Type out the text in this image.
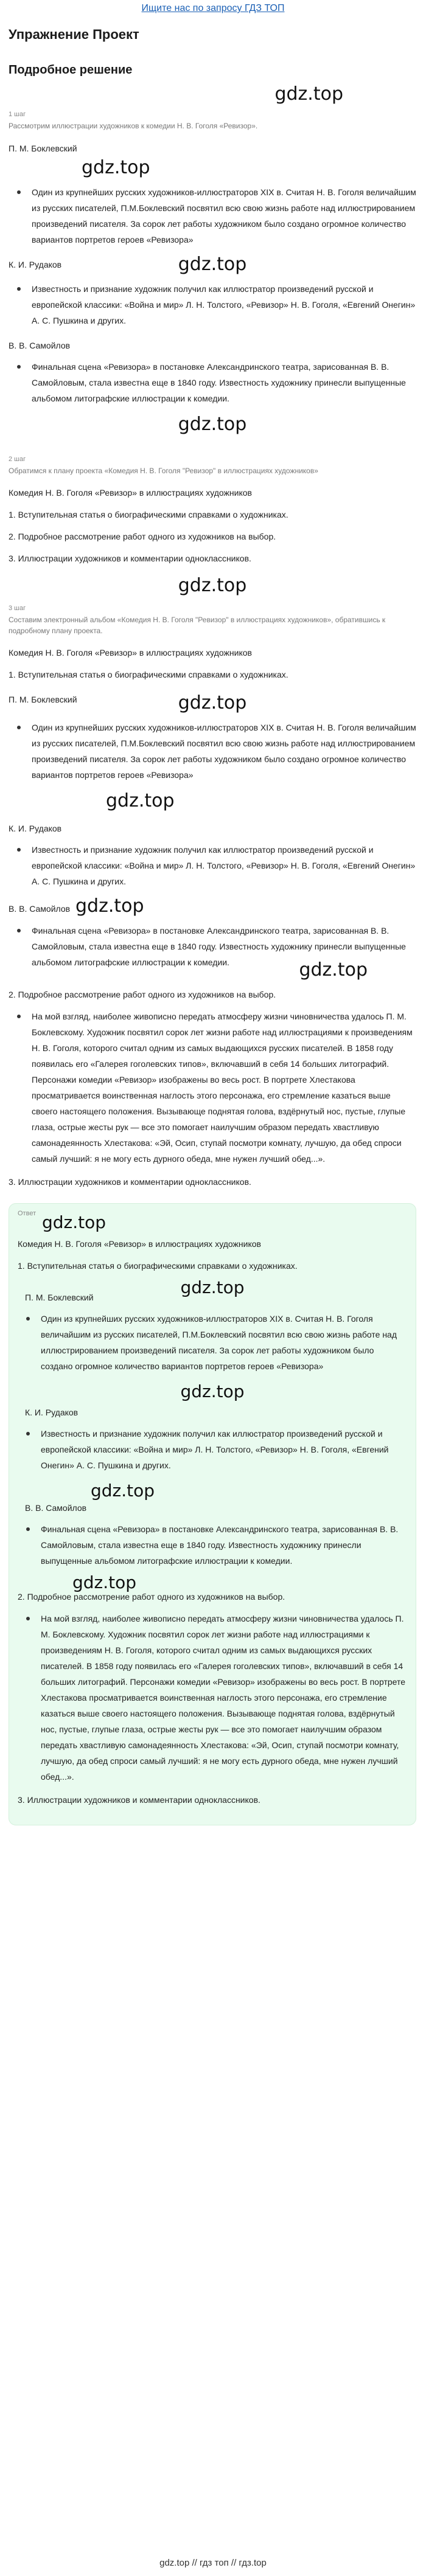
Ищите нас по запросу ГДЗ ТОП
Упражнение Проект
Подробное решение
gdz.top
1 шаг
Рассмотрим иллюстрации художников к комедии Н. В. Гоголя «Ревизор».
П. М. Боклевский
gdz.top
Один из крупнейших русских художников-иллюстраторов XIX в. Считая Н. В. Гоголя величайшим из русских писателей, П.М.Боклевский посвятил всю свою жизнь работе над иллюстрированием произведений писателя. За сорок лет работы художником было создано огромное количество вариантов портретов героев «Ревизора»
К. И. Рудаков	gdz.top
Известность и признание художник получил как иллюстратор произведений русской и европейской классики: «Война и мир» Л. Н. Толстого, «Ревизор» Н. В. Гоголя, «Евгений Онегин» А. С. Пушкина и других.
В. В. Самойлов
Финальная сцена «Ревизора» в постановке Александринского театра, зарисованная В. В. Самойловым, стала известна еще в 1840 году. Известность художнику принесли выпущенные альбомом литографские иллюстрации к комедии.
gdz.top
2 шаг
Обратимся к плану проекта «Комедия Н. В. Гоголя "Ревизор" в иллюстрациях художников»
Комедия Н. В. Гоголя «Ревизор» в иллюстрациях художников
1. Вступительная статья о биографическими справками о художниках.
2. Подробное рассмотрение работ одного из художников на выбор.
3. Иллюстрации художников и комментарии одноклассников.
gdz.top
3 шаг
Составим электронный альбом «Комедия Н. В. Гоголя "Ревизор" в иллюстрациях художников», обратившись к подробному плану проекта.
Комедия Н. В. Гоголя «Ревизор» в иллюстрациях художников
1. Вступительная статья о биографическими справками о художниках.
П. М. Боклевский	gdz.top
Один из крупнейших русских художников-иллюстраторов XIX в. Считая Н. В. Гоголя величайшим из русских писателей, П.М.Боклевский посвятил всю свою жизнь работе над иллюстрированием произведений писателя. За сорок лет работы художником было создано огромное количество вариантов портретов героев «Ревизора»
gdz.top
К. И. Рудаков
Известность и признание художник получил как иллюстратор произведений русской и европейской классики: «Война и мир» Л. Н. Толстого, «Ревизор» Н. В. Гоголя, «Евгений Онегин» А. С. Пушкина и других.
В. В. Самойлов gdz.top
Финальная сцена «Ревизора» в постановке Александринского театра, зарисованная В. В. Самойловым, стала известна еще в 1840 году. Известность художнику принесли выпущенные альбомом литографские иллюстрации к комедии.	gdz.top
2. Подробное рассмотрение работ одного из художников на выбор.
На мой взгляд, наиболее живописно передать атмосферу жизни чиновничества удалось П. М. Боклевскому. Художник посвятил сорок лет жизни работе над иллюстрациями к произведениям Н. В. Гоголя, которого считал одним из самых выдающихся русских писателей. В 1858 году появилась его «Галерея гоголевских типов», включавший в себя 14 больших литографий. Персонажи комедии «Ревизор» изображены во весь рост. В портрете Хлестакова просматривается воинственная наглость этого персонажа, его стремление казаться выше своего настоящего положения. Вызывающе поднятая голова, вздёрнутый нос, пустые, глупые глаза, острые жесты рук — все это помогает наилучшим образом передать хвастливую самонадеянность Хлестакова: «Эй, Осип, ступай посмотри комнату, лучшую, да обед спроси самый лучший: я не могу есть дурного обеда, мне нужен лучший обед...».
3. Иллюстрации художников и комментарии одноклассников.
Ответ gdz.top
Комедия Н. В. Гоголя «Ревизор» в иллюстрациях художников
1. Вступительная статья о биографическими справками о художниках.
gdz.top
П. М. Боклевский
Один из крупнейших русских художников-иллюстраторов XIX в. Считая Н. В. Гоголя величайшим из русских писателей, П.М.Боклевский посвятил всю свою жизнь работе над иллюстрированием произведений писателя. За сорок лет работы художником было создано огромное количество вариантов портретов героев «Ревизора»
gdz.top
К. И. Рудаков
Известность и признание художник получил как иллюстратор произведений русской и европейской классики: «Война и мир» Л. Н. Толстого, «Ревизор» Н. В. Гоголя, «Евгений Онегин» А. С. Пушкина и других.
gdz.top
В. В. Самойлов
Финальная сцена «Ревизора» в постановке Александринского театра, зарисованная В. В. Самойловым, стала известна еще в 1840 году. Известность художнику принесли выпущенные альбомом литографские иллюстрации к комедии.
gdz.top
2. Подробное рассмотрение работ одного из художников на выбор.
На мой взгляд, наиболее живописно передать атмосферу жизни чиновничества удалось П. М. Боклевскому. Художник посвятил сорок лет жизни работе над иллюстрациями к произведениям Н. В. Гоголя, которого считал одним из самых выдающихся русских писателей. В 1858 году появилась его «Галерея гоголевских типов», включавший в себя 14 больших литографий. Персонажи комедии «Ревизор» изображены во весь рост. В портрете Хлестакова просматривается воинственная наглость этого персонажа, его стремление казаться выше своего настоящего положения. Вызывающе поднятая голова, вздёрнутый нос, пустые, глупые глаза, острые жесты рук — все это помогает наилучшим образом передать хвастливую самонадеянность Хлестакова: «Эй, Осип, ступай посмотри комнату, лучшую, да обед спроси самый лучший: я не могу есть дурного обеда, мне нужен лучший обед...».
3. Иллюстрации художников и комментарии одноклассников.
gdz.top // гдз топ // гдз.top
